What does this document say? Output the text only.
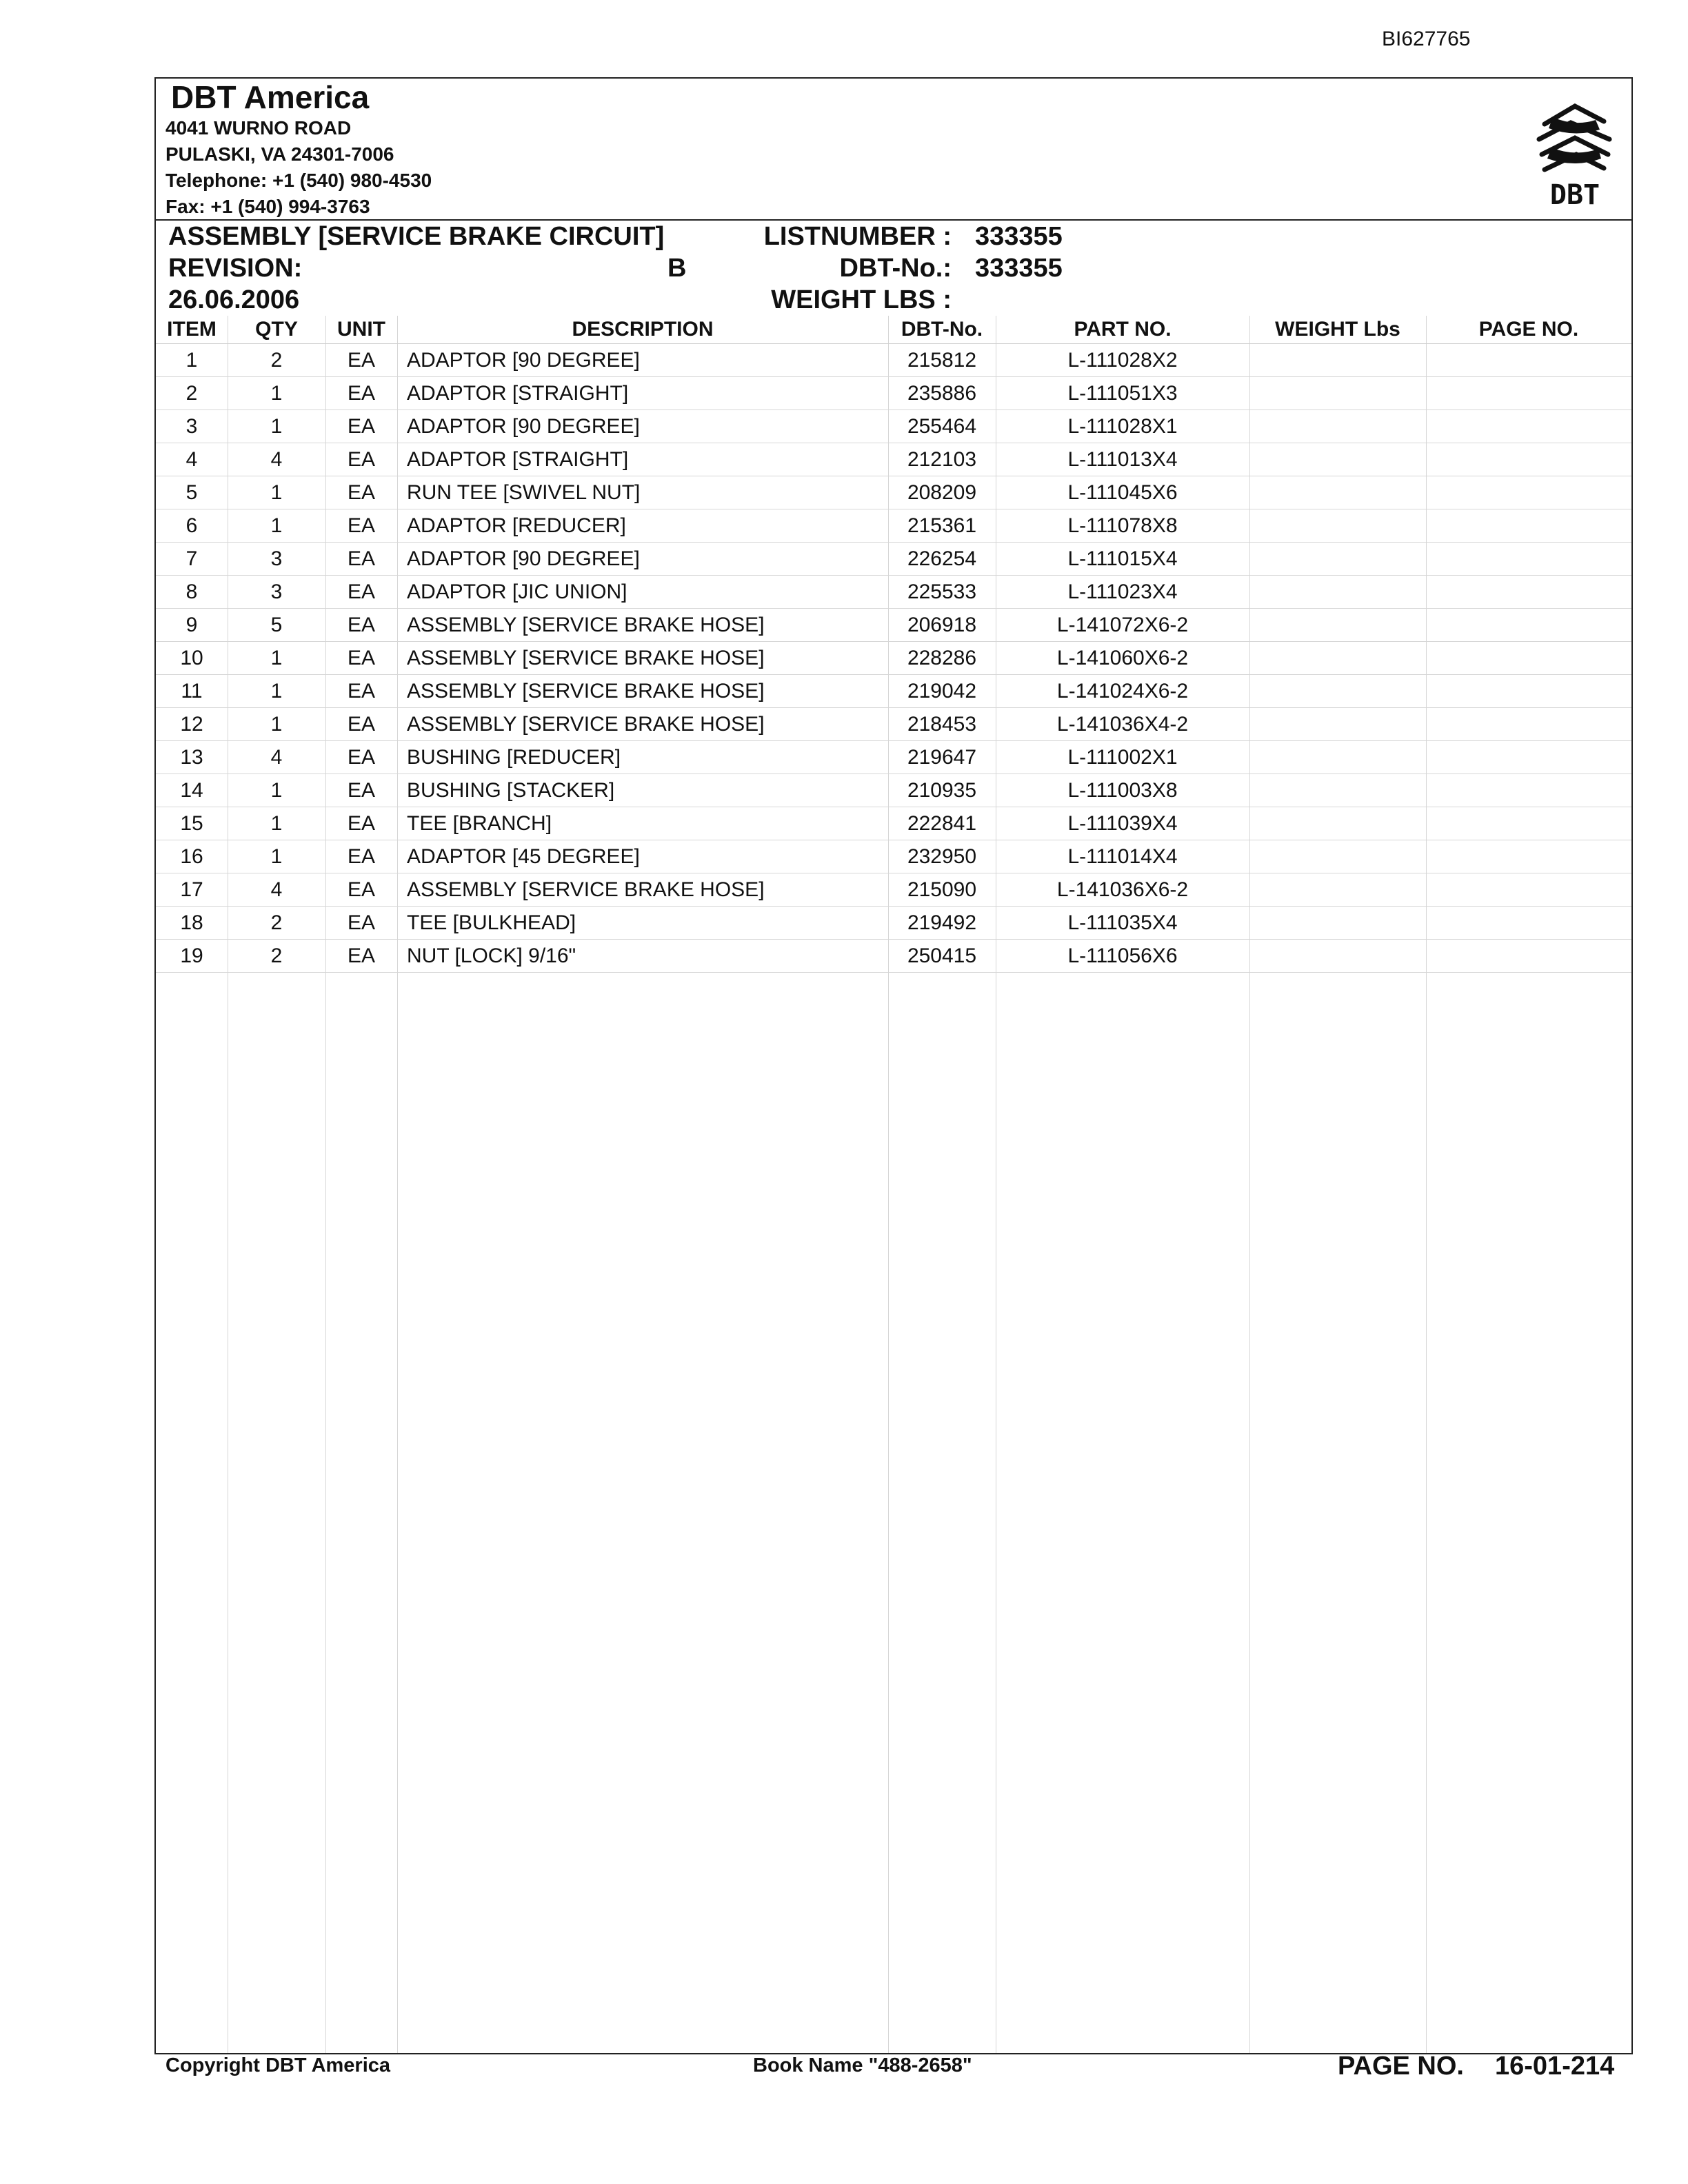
BI627765
DBT America
4041 WURNO ROAD
PULASKI, VA 24301-7006
Telephone: +1 (540) 980-4530
Fax: +1 (540) 994-3763	DBT
ASSEMBLY [SERVICE BRAKE CIRCUIT]
REVISION:	B
26.06.2006
LISTNUMBER : 333355
DBT-No.: 333355
WEIGHT LBS :
ITEM	QTY	UNIT	DESCRIPTION	DBT-No.	PART NO.	WEIGHT Lbs	PAGE NO.
1	2	EA	ADAPTOR [90 DEGREE]	215812	L-111028X2		
2	1	EA	ADAPTOR [STRAIGHT]	235886	L-111051X3		
3	1	EA	ADAPTOR [90 DEGREE]	255464	L-111028X1		
4	4	EA	ADAPTOR [STRAIGHT]	212103	L-111013X4		
5	1	EA	RUN TEE [SWIVEL NUT]	208209	L-111045X6		
6	1	EA	ADAPTOR [REDUCER]	215361	L-111078X8		
7	3	EA	ADAPTOR [90 DEGREE]	226254	L-111015X4		
8	3	EA	ADAPTOR [JIC UNION]	225533	L-111023X4		
9	5	EA	ASSEMBLY [SERVICE BRAKE HOSE]	206918	L-141072X6-2		
10	1	EA	ASSEMBLY [SERVICE BRAKE HOSE]	228286	L-141060X6-2		
11	1	EA	ASSEMBLY [SERVICE BRAKE HOSE]	219042	L-141024X6-2		
12	1	EA	ASSEMBLY [SERVICE BRAKE HOSE]	218453	L-141036X4-2		
13	4	EA	BUSHING [REDUCER]	219647	L-111002X1		
14	1	EA	BUSHING [STACKER]	210935	L-111003X8		
15	1	EA	TEE [BRANCH]	222841	L-111039X4		
16	1	EA	ADAPTOR [45 DEGREE]	232950	L-111014X4		
17	4	EA	ASSEMBLY [SERVICE BRAKE HOSE]	215090	L-141036X6-2		
18	2	EA	TEE [BULKHEAD]	219492	L-111035X4		
19	2	EA	NUT [LOCK] 9/16"	250415	L-111056X6		
Copyright DBT America	Book Name "488-2658"	PAGE NO. 16-01-214
